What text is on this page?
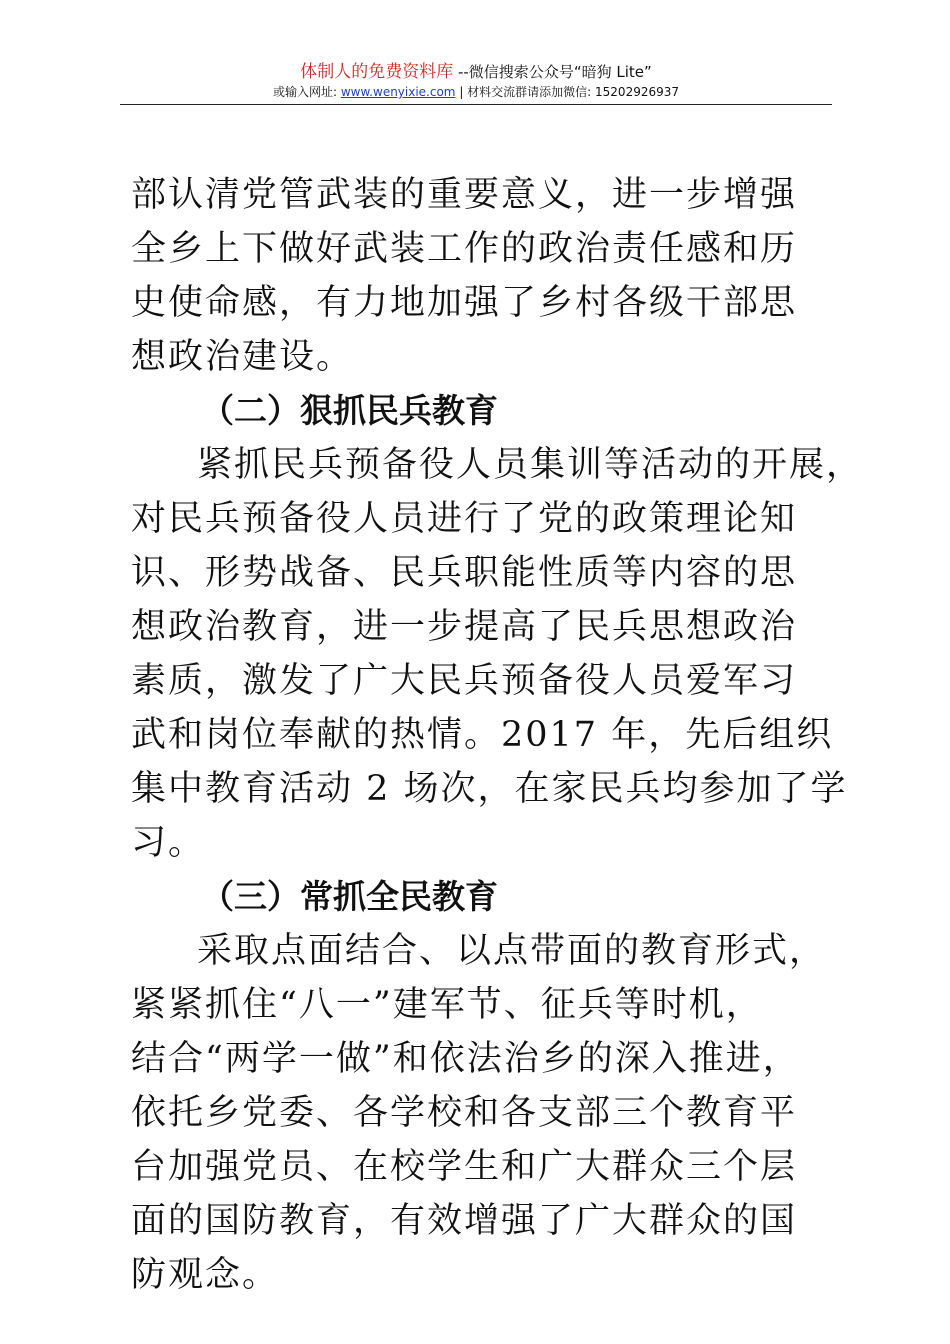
体制人的免费资料库 --微信搜索公众号“暗狗 Lite”
或输入网址: www.wenyixie.com | 材料交流群请添加微信: 15202926937

部认清党管武装的重要意义，进一步增强
全乡上下做好武装工作的政治责任感和历
史使命感，有力地加强了乡村各级干部思
想政治建设。

（二）狠抓民兵教育

紧抓民兵预备役人员集训等活动的开展，
对民兵预备役人员进行了党的政策理论知
识、形势战备、民兵职能性质等内容的思
想政治教育，进一步提高了民兵思想政治
素质，激发了广大民兵预备役人员爱军习
武和岗位奉献的热情。2017 年，先后组织
集中教育活动 2 场次，在家民兵均参加了学
习。

（三）常抓全民教育

采取点面结合、以点带面的教育形式，
紧紧抓住“八一”建军节、征兵等时机，
结合“两学一做”和依法治乡的深入推进，
依托乡党委、各学校和各支部三个教育平
台加强党员、在校学生和广大群众三个层
面的国防教育，有效增强了广大群众的国
防观念。
